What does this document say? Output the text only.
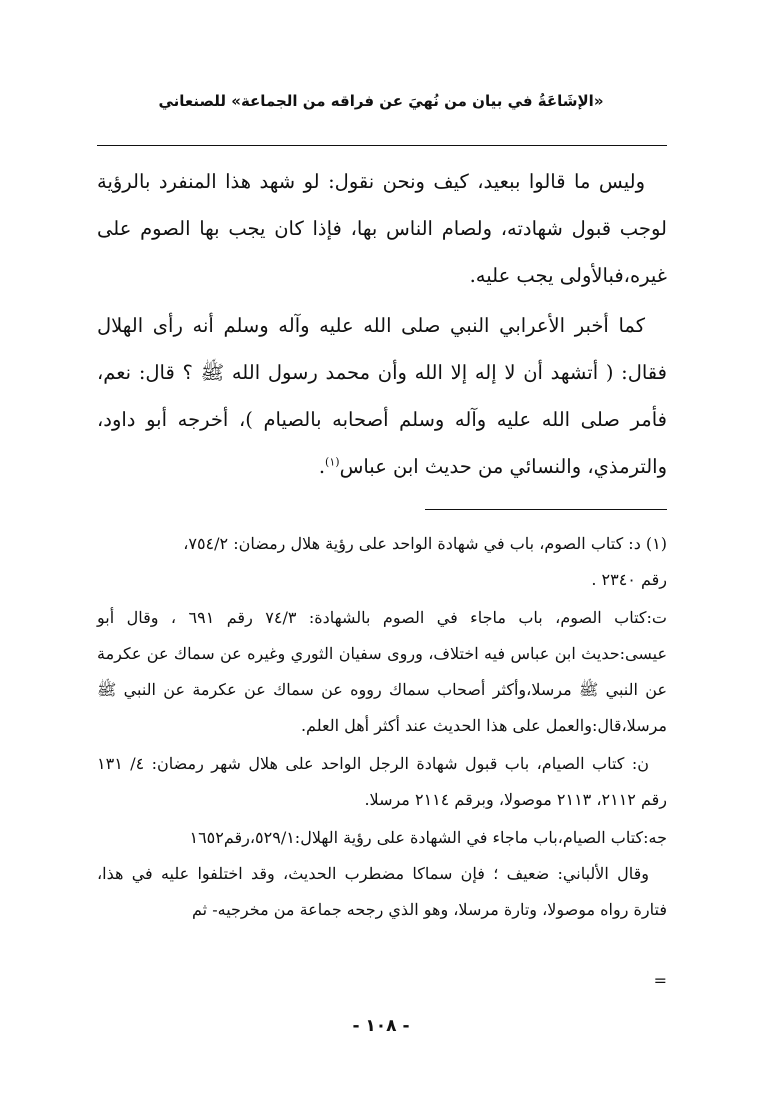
«الإشَاعَةُ في بيان من نُهيَ عن فراقه من الجماعة» للصنعاني

وليس ما قالوا ببعيد، كيف ونحن نقول: لو شهد هذا المنفرد بالرؤية لوجب قبول شهادته، ولصام الناس بها، فإذا كان يجب بها الصوم على غيره،فبالأولى يجب عليه.

كما أخبر الأعرابي النبي صلى الله عليه وآله وسلم أنه رأى الهلال فقال: ( أتشهد أن لا إله إلا الله وأن محمد رسول الله ﷺ ؟ قال: نعم، فأمر صلى الله عليه وآله وسلم أصحابه بالصيام )، أخرجه أبو داود، والترمذي، والنسائي من حديث ابن عباس$^{(١)}$.

(١) د: كتاب الصوم، باب في شهادة الواحد على رؤية هلال رمضان: ٧٥٤/٢،

رقم ٢٣٤٠ .

ت:كتاب الصوم، باب ماجاء في الصوم بالشهادة: ٧٤/٣ رقم ٦٩١ ، وقال أبو عيسى:حديث ابن عباس فيه اختلاف، وروى سفيان الثوري وغيره عن سماك عن عكرمة عن النبي ﷺ مرسلا،وأكثر أصحاب سماك رووه عن سماك عن عكرمة عن النبي ﷺ مرسلا،قال:والعمل على هذا الحديث عند أكثر أهل العلم.

ن: كتاب الصيام، باب قبول شهادة الرجل الواحد على هلال شهر رمضان: ٤/ ١٣١ رقم ٢١١٢، ٢١١٣ موصولا، وبرقم ٢١١٤ مرسلا.

جه:كتاب الصيام،باب ماجاء في الشهادة على رؤية الهلال:٥٢٩/١،رقم١٦٥٢

وقال الألباني: ضعيف ؛ فإن سماكا مضطرب الحديث، وقد اختلفوا عليه في هذا، فتارة رواه موصولا، وتارة مرسلا، وهو الذي رجحه جماعة من مخرجيه- ثم

=
- ١٠٨ -
